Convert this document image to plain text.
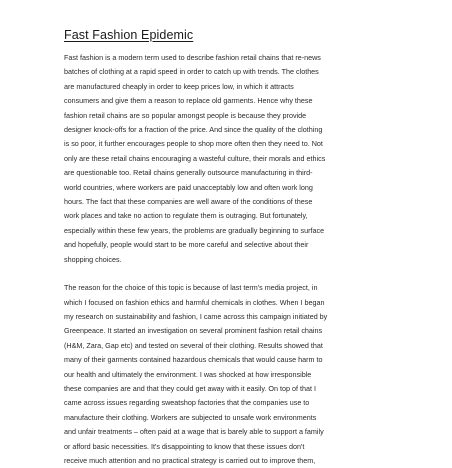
Fast Fashion Epidemic

Fast fashion is a modern term used to describe fashion retail chains that re-news
batches of clothing at a rapid speed in order to catch up with trends. The clothes
are manufactured cheaply in order to keep prices low, in which it attracts
consumers and give them a reason to replace old garments. Hence why these
fashion retail chains are so popular amongst people is because they provide
designer knock-offs for a fraction of the price. And since the quality of the clothing
is so poor, it further encourages people to shop more often then they need to. Not
only are these retail chains encouraging a wasteful culture, their morals and ethics
are questionable too. Retail chains generally outsource manufacturing in third-
world countries, where workers are paid unacceptably low and often work long
hours. The fact that these companies are well aware of the conditions of these
work places and take no action to regulate them is outraging. But fortunately,
especially within these few years, the problems are gradually beginning to surface
and hopefully, people would start to be more careful and selective about their
shopping choices.

The reason for the choice of this topic is because of last term's media project, in
which I focused on fashion ethics and harmful chemicals in clothes. When I began
my research on sustainability and fashion, I came across this campaign initiated by
Greenpeace. It started an investigation on several prominent fashion retail chains
(H&M, Zara, Gap etc) and tested on several of their clothing. Results showed that
many of their garments contained hazardous chemicals that would cause harm to
our health and ultimately the environment. I was shocked at how irresponsible
these companies are and that they could get away with it easily. On top of that I
came across issues regarding sweatshop factories that the companies use to
manufacture their clothing. Workers are subjected to unsafe work environments
and unfair treatments – often paid at a wage that is barely able to support a family
or afford basic necessities. It's disappointing to know that these issues don't
receive much attention and no practical strategy is carried out to improve them,
